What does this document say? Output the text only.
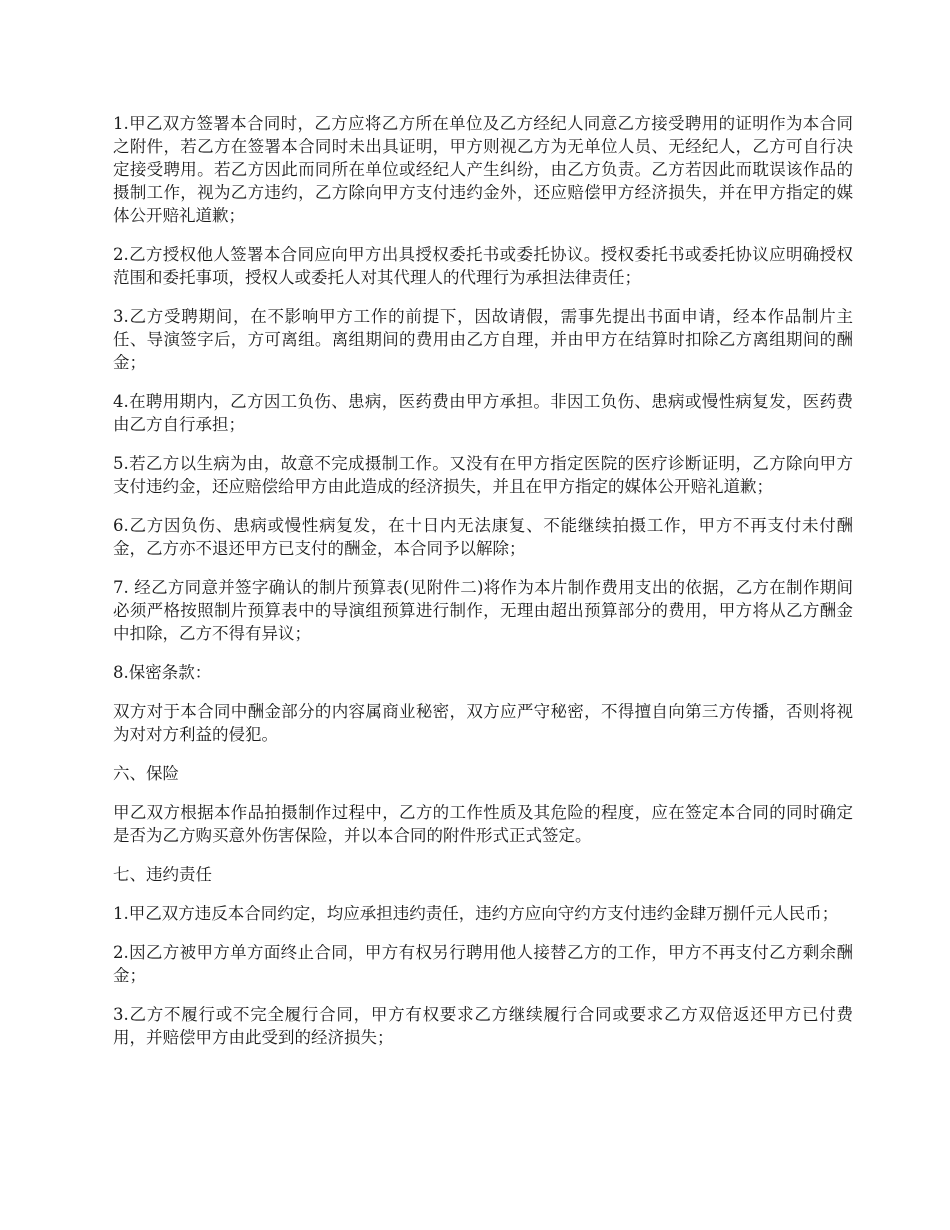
1.甲乙双方签署本合同时，乙方应将乙方所在单位及乙方经纪人同意乙方接受聘用的证明作为本合同之附件，若乙方在签署本合同时未出具证明，甲方则视乙方为无单位人员、无经纪人，乙方可自行决定接受聘用。若乙方因此而同所在单位或经纪人产生纠纷，由乙方负责。乙方若因此而耽误该作品的摄制工作，视为乙方违约，乙方除向甲方支付违约金外，还应赔偿甲方经济损失，并在甲方指定的媒体公开赔礼道歉；

2.乙方授权他人签署本合同应向甲方出具授权委托书或委托协议。授权委托书或委托协议应明确授权范围和委托事项，授权人或委托人对其代理人的代理行为承担法律责任；

3.乙方受聘期间，在不影响甲方工作的前提下，因故请假，需事先提出书面申请，经本作品制片主任、导演签字后，方可离组。离组期间的费用由乙方自理，并由甲方在结算时扣除乙方离组期间的酬金；

4.在聘用期内，乙方因工负伤、患病，医药费由甲方承担。非因工负伤、患病或慢性病复发，医药费由乙方自行承担；

5.若乙方以生病为由，故意不完成摄制工作。又没有在甲方指定医院的医疗诊断证明，乙方除向甲方支付违约金，还应赔偿给甲方由此造成的经济损失，并且在甲方指定的媒体公开赔礼道歉；

6.乙方因负伤、患病或慢性病复发，在十日内无法康复、不能继续拍摄工作，甲方不再支付未付酬金，乙方亦不退还甲方已支付的酬金，本合同予以解除；

7. 经乙方同意并签字确认的制片预算表(见附件二)将作为本片制作费用支出的依据，乙方在制作期间必须严格按照制片预算表中的导演组预算进行制作，无理由超出预算部分的费用，甲方将从乙方酬金中扣除，乙方不得有异议；

8.保密条款：

双方对于本合同中酬金部分的内容属商业秘密，双方应严守秘密，不得擅自向第三方传播，否则将视为对对方利益的侵犯。

六、保险

甲乙双方根据本作品拍摄制作过程中，乙方的工作性质及其危险的程度，应在签定本合同的同时确定是否为乙方购买意外伤害保险，并以本合同的附件形式正式签定。

七、违约责任

1.甲乙双方违反本合同约定，均应承担违约责任，违约方应向守约方支付违约金肆万捌仟元人民币；

2.因乙方被甲方单方面终止合同，甲方有权另行聘用他人接替乙方的工作，甲方不再支付乙方剩余酬金；

3.乙方不履行或不完全履行合同，甲方有权要求乙方继续履行合同或要求乙方双倍返还甲方已付费用，并赔偿甲方由此受到的经济损失；
